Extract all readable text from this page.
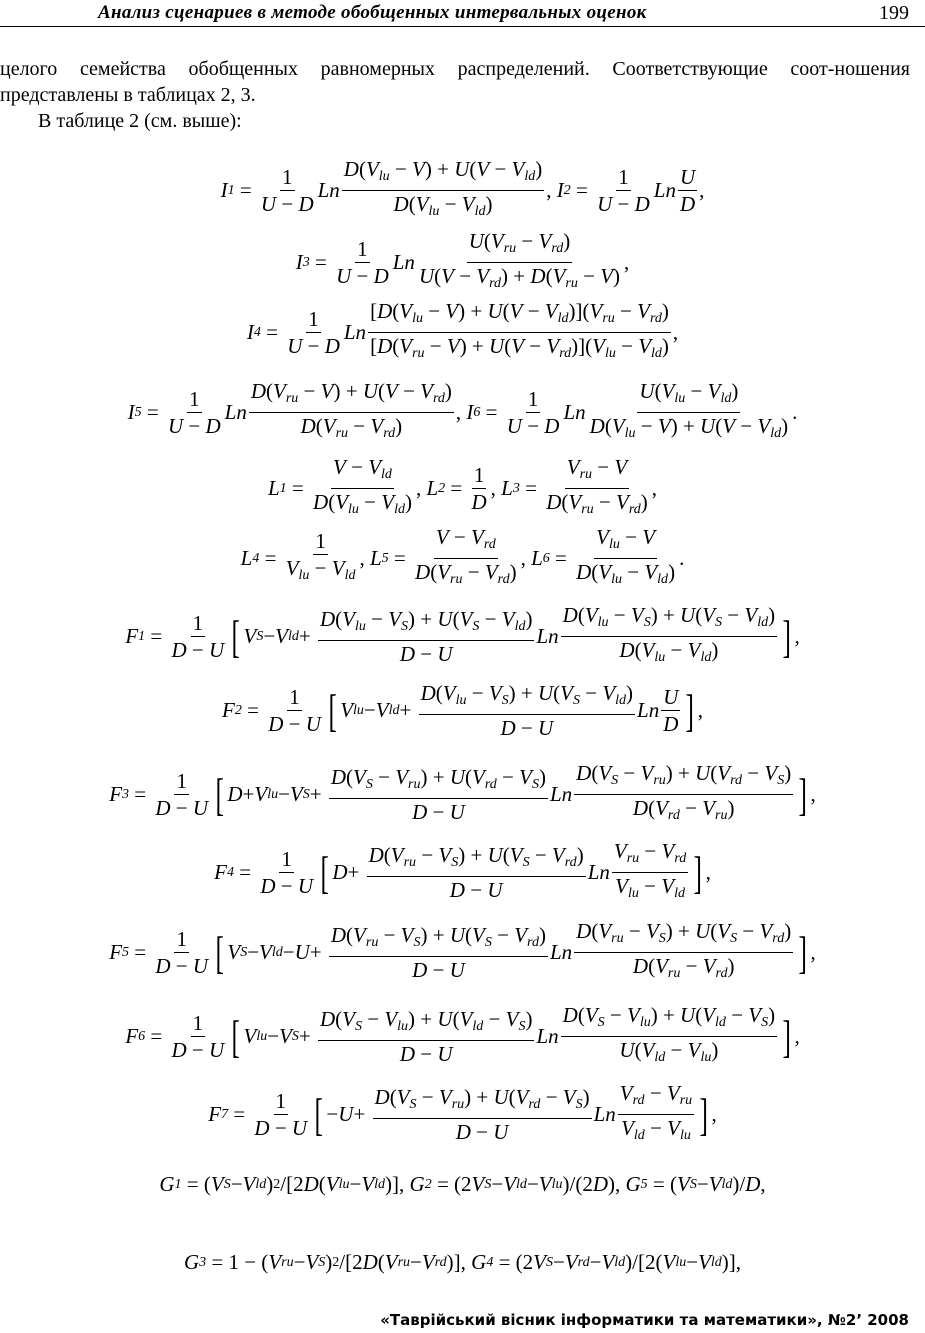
Анализ сценариев в методе обобщенных интервальных оценок	199
целого семейства обобщенных равномерных распределений. Соответствующие соот-ношения представлены в таблицах 2, 3.
В таблице 2 (см. выше):
I $1 = \frac{1}{U - D}$ Ln $\frac{D(V_{lu} - V) + U(V - V_{ld})}{D(V_{lu} - V_{ld})}$ , I $2 = \frac{1}{U - D}$ Ln $\frac{U}{D}$ ,
I $3 = \frac{1}{U - D}$ Ln $\frac{U(V_{ru} - V_{rd})}{U(V - V_{rd}) + D(V_{ru} - V)}$ ,
I $4 = \frac{1}{U - D}$ Ln $\frac{[D(V_{lu} - V) + U(V - V_{ld})](V_{ru} - V_{rd})}{[D(V_{ru} - V) + U(V - V_{rd})](V_{lu} - V_{ld})}$ ,
I $5 = \frac{1}{U - D}$ Ln $\frac{D(V_{ru} - V) + U(V - V_{rd})}{D(V_{ru} - V_{rd})}$ , I $6 = \frac{1}{U - D}$ Ln $\frac{U(V_{lu} - V_{ld})}{D(V_{lu} - V) + U(V - V_{ld})}$ .
L $1 = \frac{V - V_{ld}}{D(V_{lu} - V_{ld})}$ , L $2 = \frac{1}{D}$ , L $3 = \frac{V_{ru} - V}{D(V_{ru} - V_{rd})}$ ,
L $4 = \frac{1}{V_{lu} - V_{ld}}$ , L $5 = \frac{V - V_{rd}}{D(V_{ru} - V_{rd})}$ , L $6 = \frac{V_{lu} - V}{D(V_{lu} - V_{ld})}$ .
F $1 = \frac{1}{D - U}$ [ V S − V ld + $\frac{D(V_{lu} - V_S) + U(V_S - V_{ld})}{D - U}$ Ln $\frac{D(V_{lu} - V_S) + U(V_S - V_{ld})}{D(V_{lu} - V_{ld})}$ ] ,
F $2 = \frac{1}{D - U}$ [ V lu − V ld + $\frac{D(V_{lu} - V_S) + U(V_S - V_{ld})}{D - U}$ Ln $\frac{U}{D}$ ] ,
F $3 = \frac{1}{D - U}$ [ D + V lu − V $S + \frac{D(V_S - V_{ru}) + U(V_{rd} - V_S)}{D - U}$ Ln $\frac{D(V_S - V_{ru}) + U(V_{rd} - V_S)}{D(V_{rd} - V_{ru})}$ ] ,
F $4 = \frac{1}{D - U}$ [ $D + \frac{D(V_{ru} - V_S) + U(V_S - V_{rd})}{D - U}$ Ln $\frac{V_{ru} - V_{rd}}{V_{lu} - V_{ld}}$ ] ,
F $5 = \frac{1}{D - U}$ [ V S − V ld − $U + \frac{D(V_{ru} - V_S) + U(V_S - V_{rd})}{D - U}$ Ln $\frac{D(V_{ru} - V_S) + U(V_S - V_{rd})}{D(V_{ru} - V_{rd})}$ ] ,
F $6 = \frac{1}{D - U}$ [ V lu − V $S + \frac{D(V_S - V_{lu}) + U(V_{ld} - V_S)}{D - U}$ Ln $\frac{D(V_S - V_{lu}) + U(V_{ld} - V_S)}{U(V_{ld} - V_{lu})}$ ] ,
F $7 = \frac{1}{D - U}$ [ − $U + \frac{D(V_S - V_{ru}) + U(V_{rd} - V_S)}{D - U}$ Ln $\frac{V_{rd} - V_{ru}}{V_{ld} - V_{lu}}$ ] ,
G 1 = ( V S − V ld ) 2 /[2 D ( V lu − V ld )], G 2 = (2 V S − V ld − V lu )/(2 D ), G 5 = ( V S − V ld )/ D ,
G 3 = 1 − ( V ru − V S ) 2 /[2 D ( V ru − V rd )], G 4 = (2 V S − V rd − V ld )/[2( V lu − V ld )],
«Таврійський вісник інформатики та математики», №2’ 2008
